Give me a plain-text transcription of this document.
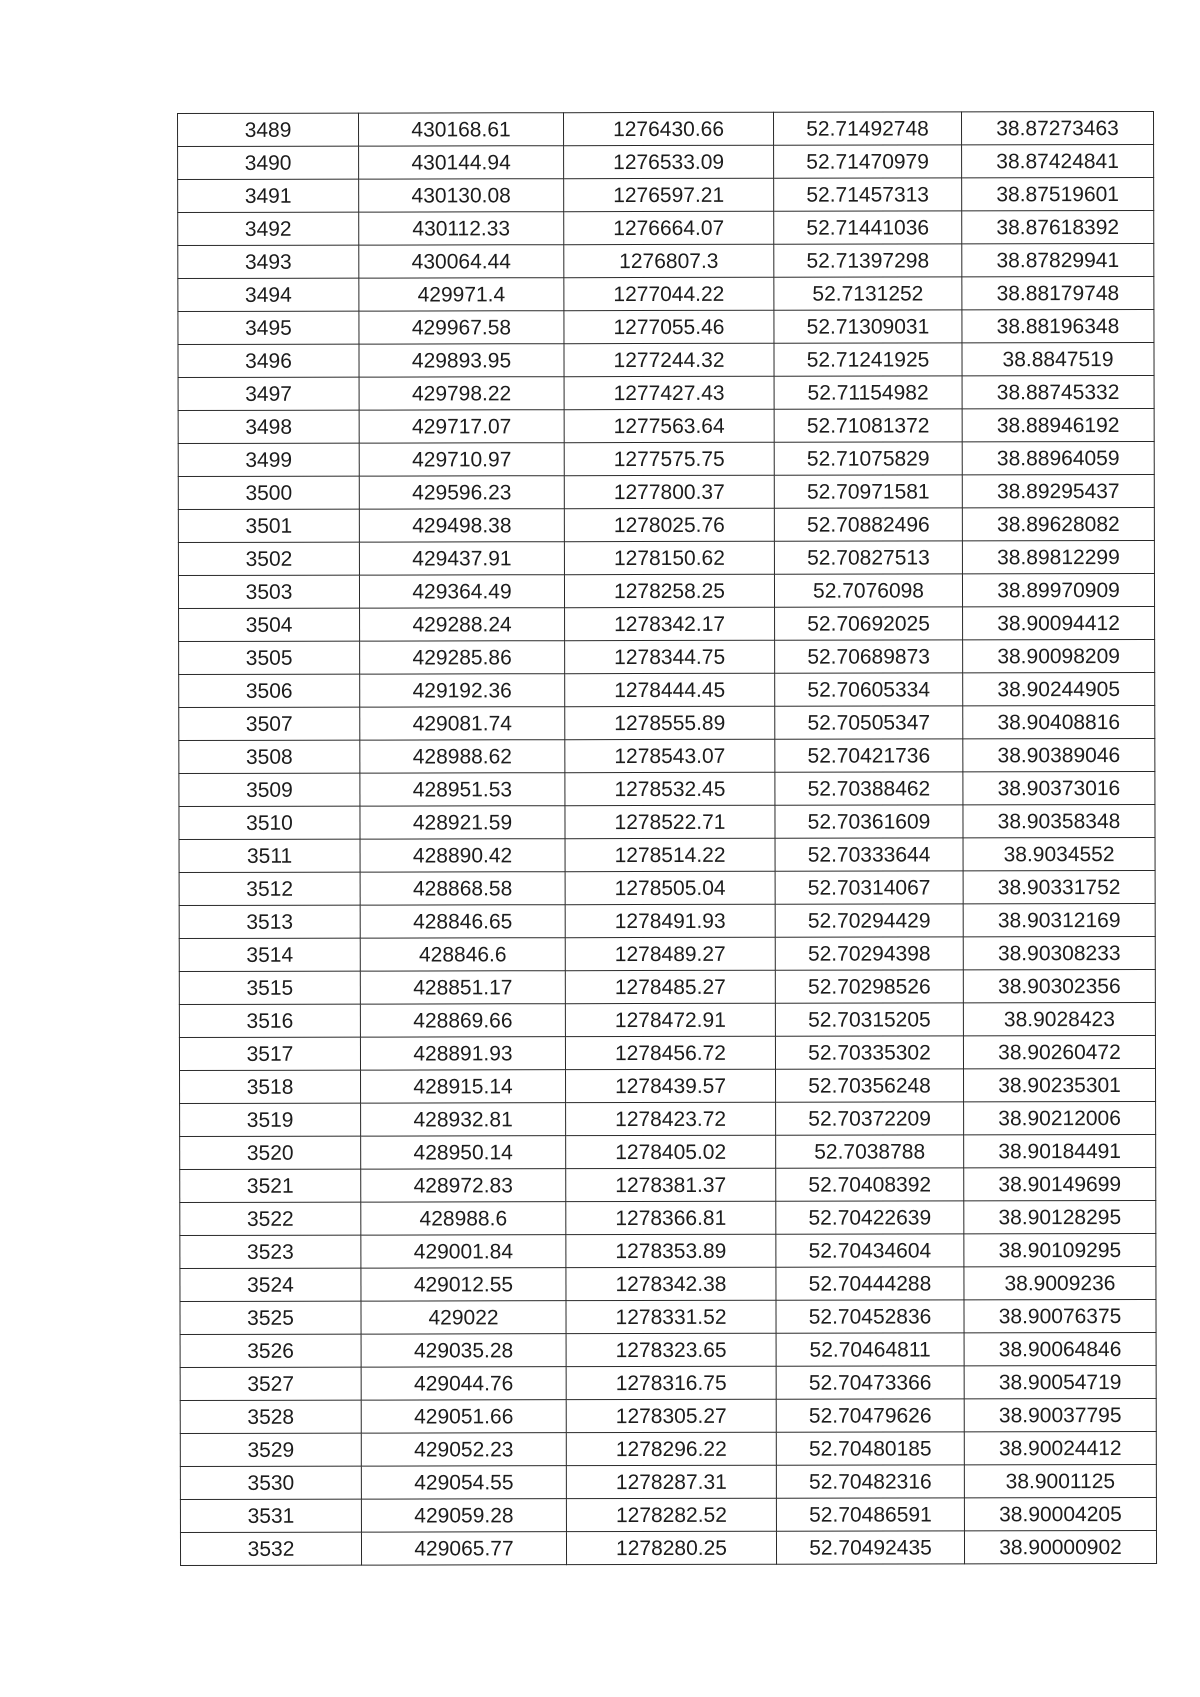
3489	430168.61	1276430.66	52.71492748	38.87273463
3490	430144.94	1276533.09	52.71470979	38.87424841
3491	430130.08	1276597.21	52.71457313	38.87519601
3492	430112.33	1276664.07	52.71441036	38.87618392
3493	430064.44	1276807.3	52.71397298	38.87829941
3494	429971.4	1277044.22	52.7131252	38.88179748
3495	429967.58	1277055.46	52.71309031	38.88196348
3496	429893.95	1277244.32	52.71241925	38.8847519
3497	429798.22	1277427.43	52.71154982	38.88745332
3498	429717.07	1277563.64	52.71081372	38.88946192
3499	429710.97	1277575.75	52.71075829	38.88964059
3500	429596.23	1277800.37	52.70971581	38.89295437
3501	429498.38	1278025.76	52.70882496	38.89628082
3502	429437.91	1278150.62	52.70827513	38.89812299
3503	429364.49	1278258.25	52.7076098	38.89970909
3504	429288.24	1278342.17	52.70692025	38.90094412
3505	429285.86	1278344.75	52.70689873	38.90098209
3506	429192.36	1278444.45	52.70605334	38.90244905
3507	429081.74	1278555.89	52.70505347	38.90408816
3508	428988.62	1278543.07	52.70421736	38.90389046
3509	428951.53	1278532.45	52.70388462	38.90373016
3510	428921.59	1278522.71	52.70361609	38.90358348
3511	428890.42	1278514.22	52.70333644	38.9034552
3512	428868.58	1278505.04	52.70314067	38.90331752
3513	428846.65	1278491.93	52.70294429	38.90312169
3514	428846.6	1278489.27	52.70294398	38.90308233
3515	428851.17	1278485.27	52.70298526	38.90302356
3516	428869.66	1278472.91	52.70315205	38.9028423
3517	428891.93	1278456.72	52.70335302	38.90260472
3518	428915.14	1278439.57	52.70356248	38.90235301
3519	428932.81	1278423.72	52.70372209	38.90212006
3520	428950.14	1278405.02	52.7038788	38.90184491
3521	428972.83	1278381.37	52.70408392	38.90149699
3522	428988.6	1278366.81	52.70422639	38.90128295
3523	429001.84	1278353.89	52.70434604	38.90109295
3524	429012.55	1278342.38	52.70444288	38.9009236
3525	429022	1278331.52	52.70452836	38.90076375
3526	429035.28	1278323.65	52.70464811	38.90064846
3527	429044.76	1278316.75	52.70473366	38.90054719
3528	429051.66	1278305.27	52.70479626	38.90037795
3529	429052.23	1278296.22	52.70480185	38.90024412
3530	429054.55	1278287.31	52.70482316	38.9001125
3531	429059.28	1278282.52	52.70486591	38.90004205
3532	429065.77	1278280.25	52.70492435	38.90000902
